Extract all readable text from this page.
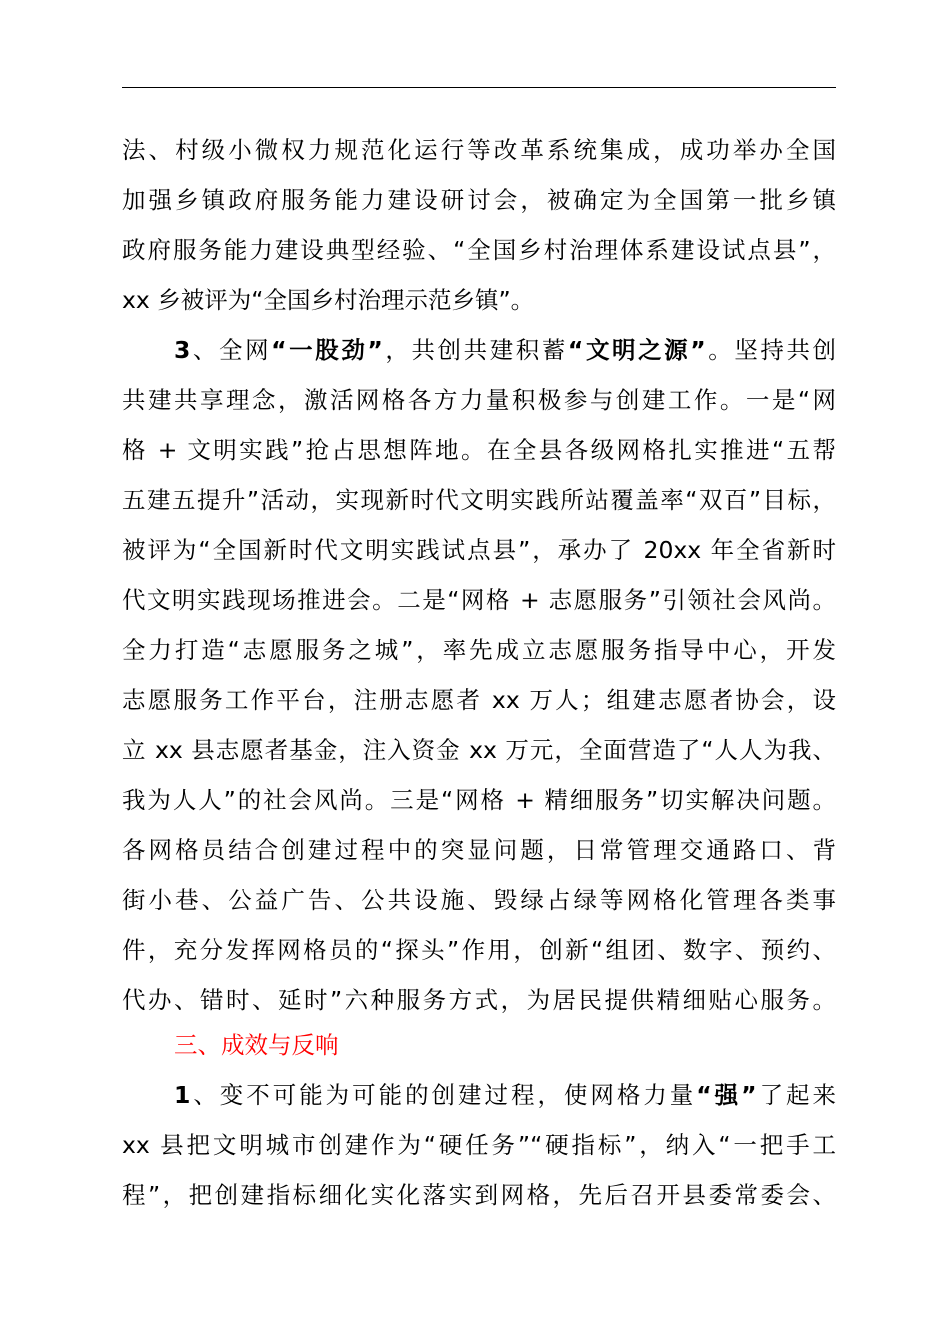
法、村级小微权力规范化运行等改革系统集成，成功举办全国
加强乡镇政府服务能力建设研讨会，被确定为全国第一批乡镇
政府服务能力建设典型经验、“全国乡村治理体系建设试点县”，
xx 乡被评为“全国乡村治理示范乡镇”。
3、全网“一股劲”，共创共建积蓄“文明之源”。坚持共创
共建共享理念，激活网格各方力量积极参与创建工作。一是“网
格 + 文明实践”抢占思想阵地。在全县各级网格扎实推进“五帮
五建五提升”活动，实现新时代文明实践所站覆盖率“双百”目标，
被评为“全国新时代文明实践试点县”，承办了 20xx 年全省新时
代文明实践现场推进会。二是“网格 + 志愿服务”引领社会风尚。
全力打造“志愿服务之城”，率先成立志愿服务指导中心，开发
志愿服务工作平台，注册志愿者 xx 万人；组建志愿者协会，设
立 xx 县志愿者基金，注入资金 xx 万元，全面营造了“人人为我、
我为人人”的社会风尚。三是“网格 + 精细服务”切实解决问题。
各网格员结合创建过程中的突显问题，日常管理交通路口、背
街小巷、公益广告、公共设施、毁绿占绿等网格化管理各类事
件，充分发挥网格员的“探头”作用，创新“组团、数字、预约、
代办、错时、延时”六种服务方式，为居民提供精细贴心服务。
三、成效与反响
1、变不可能为可能的创建过程，使网格力量“强”了起来
xx 县把文明城市创建作为“硬任务”“硬指标”，纳入“一把手工
程”，把创建指标细化实化落实到网格，先后召开县委常委会、
